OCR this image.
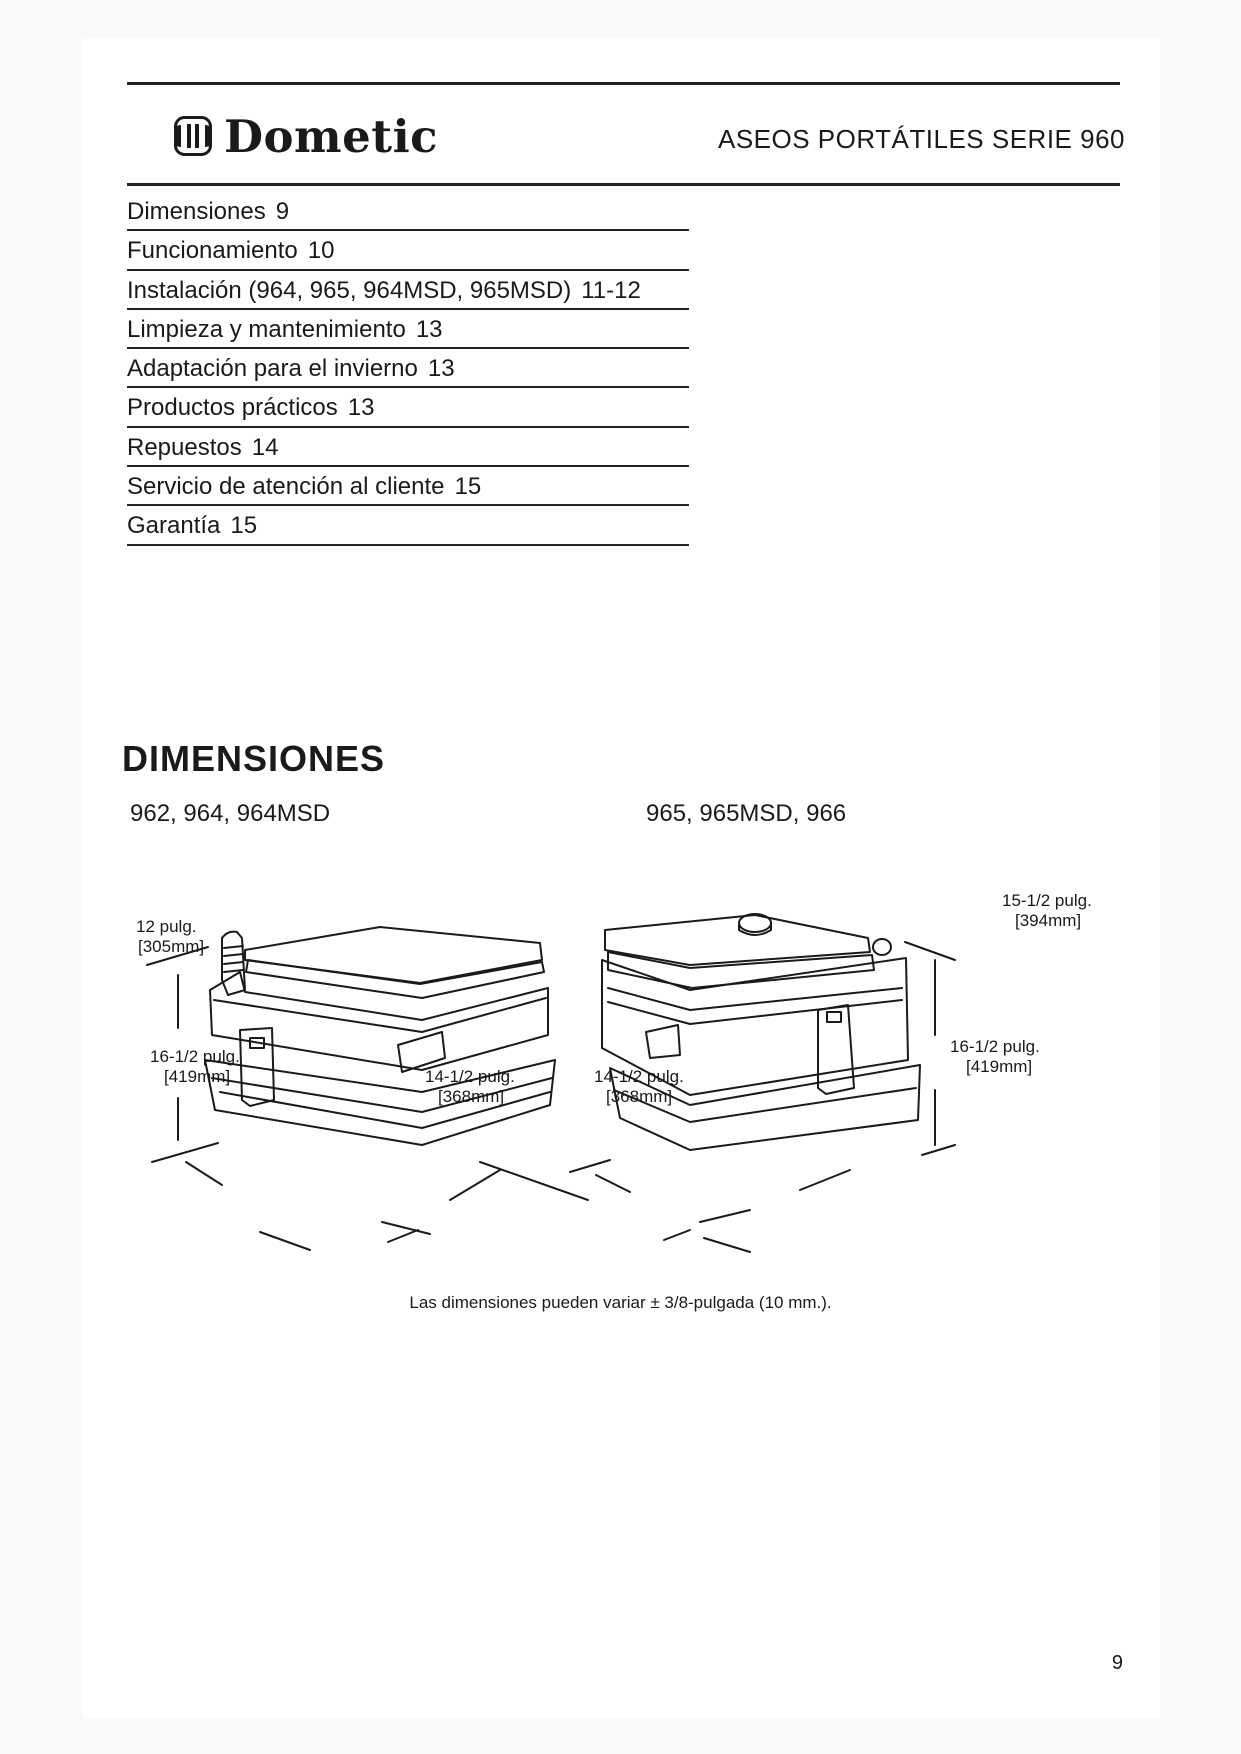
Dometic	ASEOS PORTÁTILES SERIE 960
Dimensiones 9
Funcionamiento 10
Instalación (964, 965, 964MSD, 965MSD) 11-12
Limpieza y mantenimiento 13
Adaptación para el invierno 13
Productos prácticos 13
Repuestos 14
Servicio de atención al cliente 15
Garantía 15
DIMENSIONES

962, 964, 964MSD	965, 965MSD, 966

12 pulg.
[305mm]
16-1/2 pulg.
[419mm]	14-1/2 pulg.
[368mm]
15-1/2 pulg.
[394mm]
16-1/2 pulg.
[419mm]
14-1/2 pulg.
[368mm]
Las dimensiones pueden variar ± 3/8-pulgada (10 mm.).
9
